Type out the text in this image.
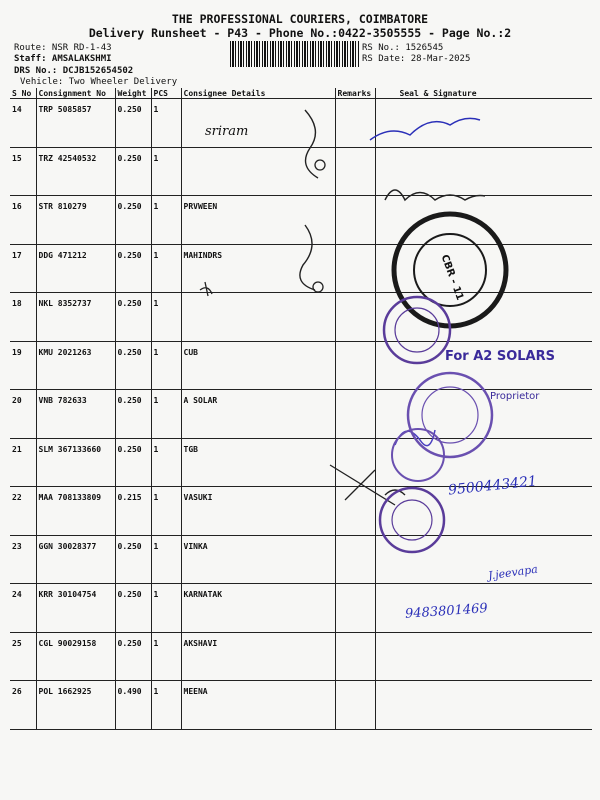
THE PROFESSIONAL COURIERS, COIMBATORE
Delivery Runsheet - P43 - Phone No.:0422-3505555 - Page No.:2
Route: NSR RD-1-43
Staff: AMSALAKSHMI
DRS No.: DCJB152654502
Vehicle: Two Wheeler Delivery
RS No.: 1526545
RS Date: 28-Mar-2025
S No	Consignment No	Weight	PCS	Consignee Details	Remarks	Seal & Signature
14	TRP 5085857	0.250	1			
15	TRZ 42540532	0.250	1			
16	STR 810279	0.250	1	PRVWEEN		
17	DDG 471212	0.250	1	MAHINDRS		
18	NKL 8352737	0.250	1			
19	KMU 2021263	0.250	1	CUB		
20	VNB 782633	0.250	1	A SOLAR		
21	SLM 367133660	0.250	1	TGB		
22	MAA 708133809	0.215	1	VASUKI		
23	GGN 30028377	0.250	1	VINKA		
24	KRR 30104754	0.250	1	KARNATAK		
25	CGL 90029158	0.250	1	AKSHAVI		
26	POL 1662925	0.490	1	MEENA		
sriram
CBR - 11
For A2 SOLARS
Proprietor
9500443421
J.jeevapa
9483801469
